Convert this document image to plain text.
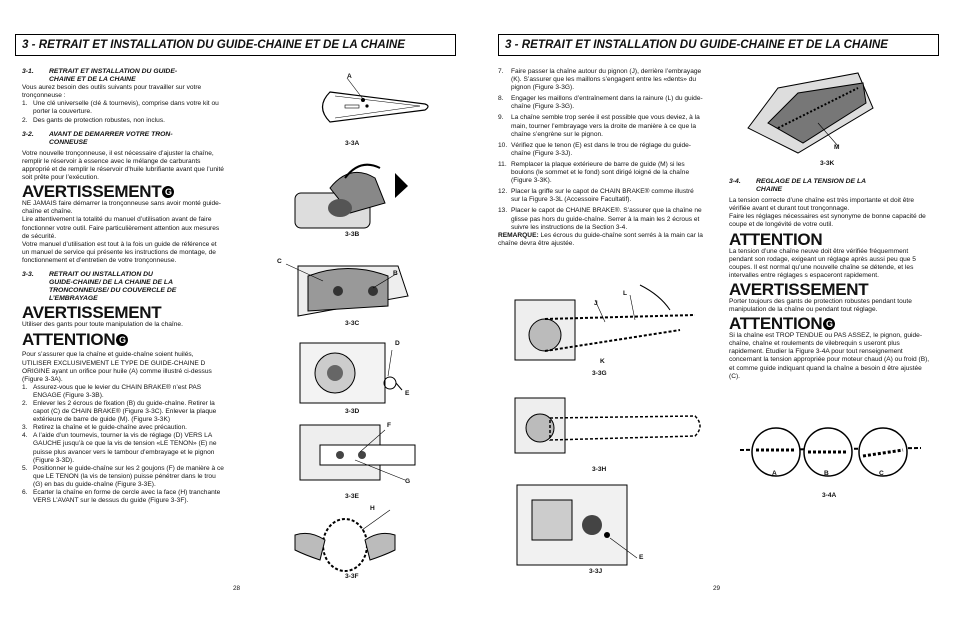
3 - RETRAIT ET INSTALLATION DU GUIDE-CHAINE ET DE LA CHAINE
3-1. RETRAIT ET INSTALLATION DU GUIDE-
CHAINE ET DE LA CHAINE

Vous aurez besoin des outils suivants pour travailler sur votre tronçonneuse :

1. Une clé universelle (clé & tournevis), comprise dans votre kit ou porter la couverture.
2. Des gants de protection robustes, non inclus.
3-2. AVANT DE DEMARRER VOTRE TRON-
CONNEUSE

Votre nouvelle tronçonneuse, il est nécessaire d’ajuster la chaîne, remplir le réservoir à essence avec le mélange de carburants approprié et de remplir le réservoir d’huile lubrifiante avant que l’unité soit prête pour l’exécution.

AVERTISSEMENT G

NE JAMAIS faire démarrer la tronçonneuse sans avoir monté guide-chaîne et chaîne.

Lire attentivement la totalité du manuel d’utilisation avant de faire fonctionner votre outil. Faire particulièrement attention aux mesures de sécurité.

Votre manuel d’utilisation est tout à la fois un guide de référence et un manuel de service qui présente les instructions de montage, de fonctionnement et d’entretien de votre tronçonneuse.

3-3. RETRAIT OU INSTALLATION DU
GUIDE-CHAINE/ DE LA CHAINE DE LA
TRONCONNEUSE/ DU COUVERCLE DE
L’EMBRAYAGE
AVERTISSEMENT

Utiliser des gants pour toute manipulation de la chaîne.

ATTENTION G

Pour s’assurer que la chaîne et guide-chaîne soient huilés, UTILISER EXCLUSIVEMENT LE TYPE DE GUIDE-CHAINE D ORIGINE ayant un orifice pour huile (A) comme illustré ci-dessus (Figure 3-3A).

1. Assurez-vous que le levier du CHAIN BRAKE® n’est PAS ENGAGE (Figure 3-3B).
2. Enlever les 2 écrous de fixation (B) du guide-chaîne. Retirer la capot (C) de CHAIN BRAKE® (Figure 3-3C). Enlever la plaque extérieure de barre de guide (M). (Figure 3-3K)
3. Retirez la chaîne et le guide-chaîne avec précaution.
4. A l’aide d’un tournevis, tourner la vis de réglage (D) VERS LA GAUCHE jusqu’à ce que la vis de tension «LE TENON» (E) ne puisse plus avancer vers le tambour d’embrayage et le pignon (Figure 3-3D).
5. Positionner le guide-chaîne sur les 2 goujons (F) de manière à ce que LE TENON (la vis de tension) puisse pénétrer dans le trou (G) en bas du guide-chaîne (Figure 3-3E).
6. Ecarter la chaîne en forme de cercle avec la face (H) tranchante VERS L’AVANT sur le dessus du guide (Figure 3-3F).
A
3-3A
3-3B
C
B
3-3C
D
E
3-3D
F
G
3-3E
H
3-3F
28
3 - RETRAIT ET INSTALLATION DU GUIDE-CHAINE ET DE LA CHAINE
7.	Faire passer la chaîne autour du pignon (J), derrière l’embrayage (K). S’assurer que les maillons s’engagent entre les «dents» du pignon (Figure 3-3G).
8.	Engager les maillons d’entraînement dans la rainure (L) du guide-chaîne (Figure 3-3G).
9.	La chaîne semble trop serée il est possible que vous deviez, à la main, tourner l’embrayage vers la droite de manière à ce que la chaîne s’engrène sur le pignon.
10. Vérifiez que le tenon (E) est dans le trou de réglage du guide-chaîne (Figure 3-3J).
11. Remplacer la plaque extérieure de barre de guide (M) si les boulons (le sommet et le fond) sont dirigé loigné de la chaîne (Figure 3-3K).
12. Placer la griffe sur le capot de CHAIN BRAKE® comme illustré sur la Figure 3-3L (Accessoire Facultatif).
13. Placer le capot de CHAINE BRAKE®. S’assurer que la chaîne ne glisse pas hors du guide-chaîne. Serrer à la main les 2 écrous et suivre les instructions de la Section 3-4.

REMARQUE: Les écrous du guide-chaîne sont serrés à la main car la chaîne devra être ajustée.

M
3-3K
3-4. REGLAGE DE LA TENSION DE LA
CHAINE

La tension correcte d’une chaîne est très importante et doit être vérifiée avant et durant tout tronçonnage.

Faire les réglages nécessaires est synonyme de bonne capacité de coupe et de longévité de votre outil.

ATTENTION

La tension d’une chaîne neuve doit être vérifiée fréquemment pendant son rodage, exigeant un réglage après aussi peu que 5 coupes. Il est normal qu’une nouvelle chaîne se détende, et les intervalles entre réglages s espaceront rapidement.

AVERTISSEMENT

Porter toujours des gants de protection robustes pendant toute manipulation de la chaîne ou pendant tout réglage.

ATTENTION G

Si la chaîne est TROP TENDUE ou PAS ASSEZ, le pignon, guide-chaîne, chaîne et roulements de vilebrequin s useront plus rapidement. Etudier la Figure 3-4A pour tout renseignement concernant la tension appropriée pour moteur chaud (A) ou froid (B), et comme guide indiquant quand la chaîne a besoin d être ajustée (C).

J
L
K
3-3G
3-3H
E
3-3J
A	B	C
3-4A
29
